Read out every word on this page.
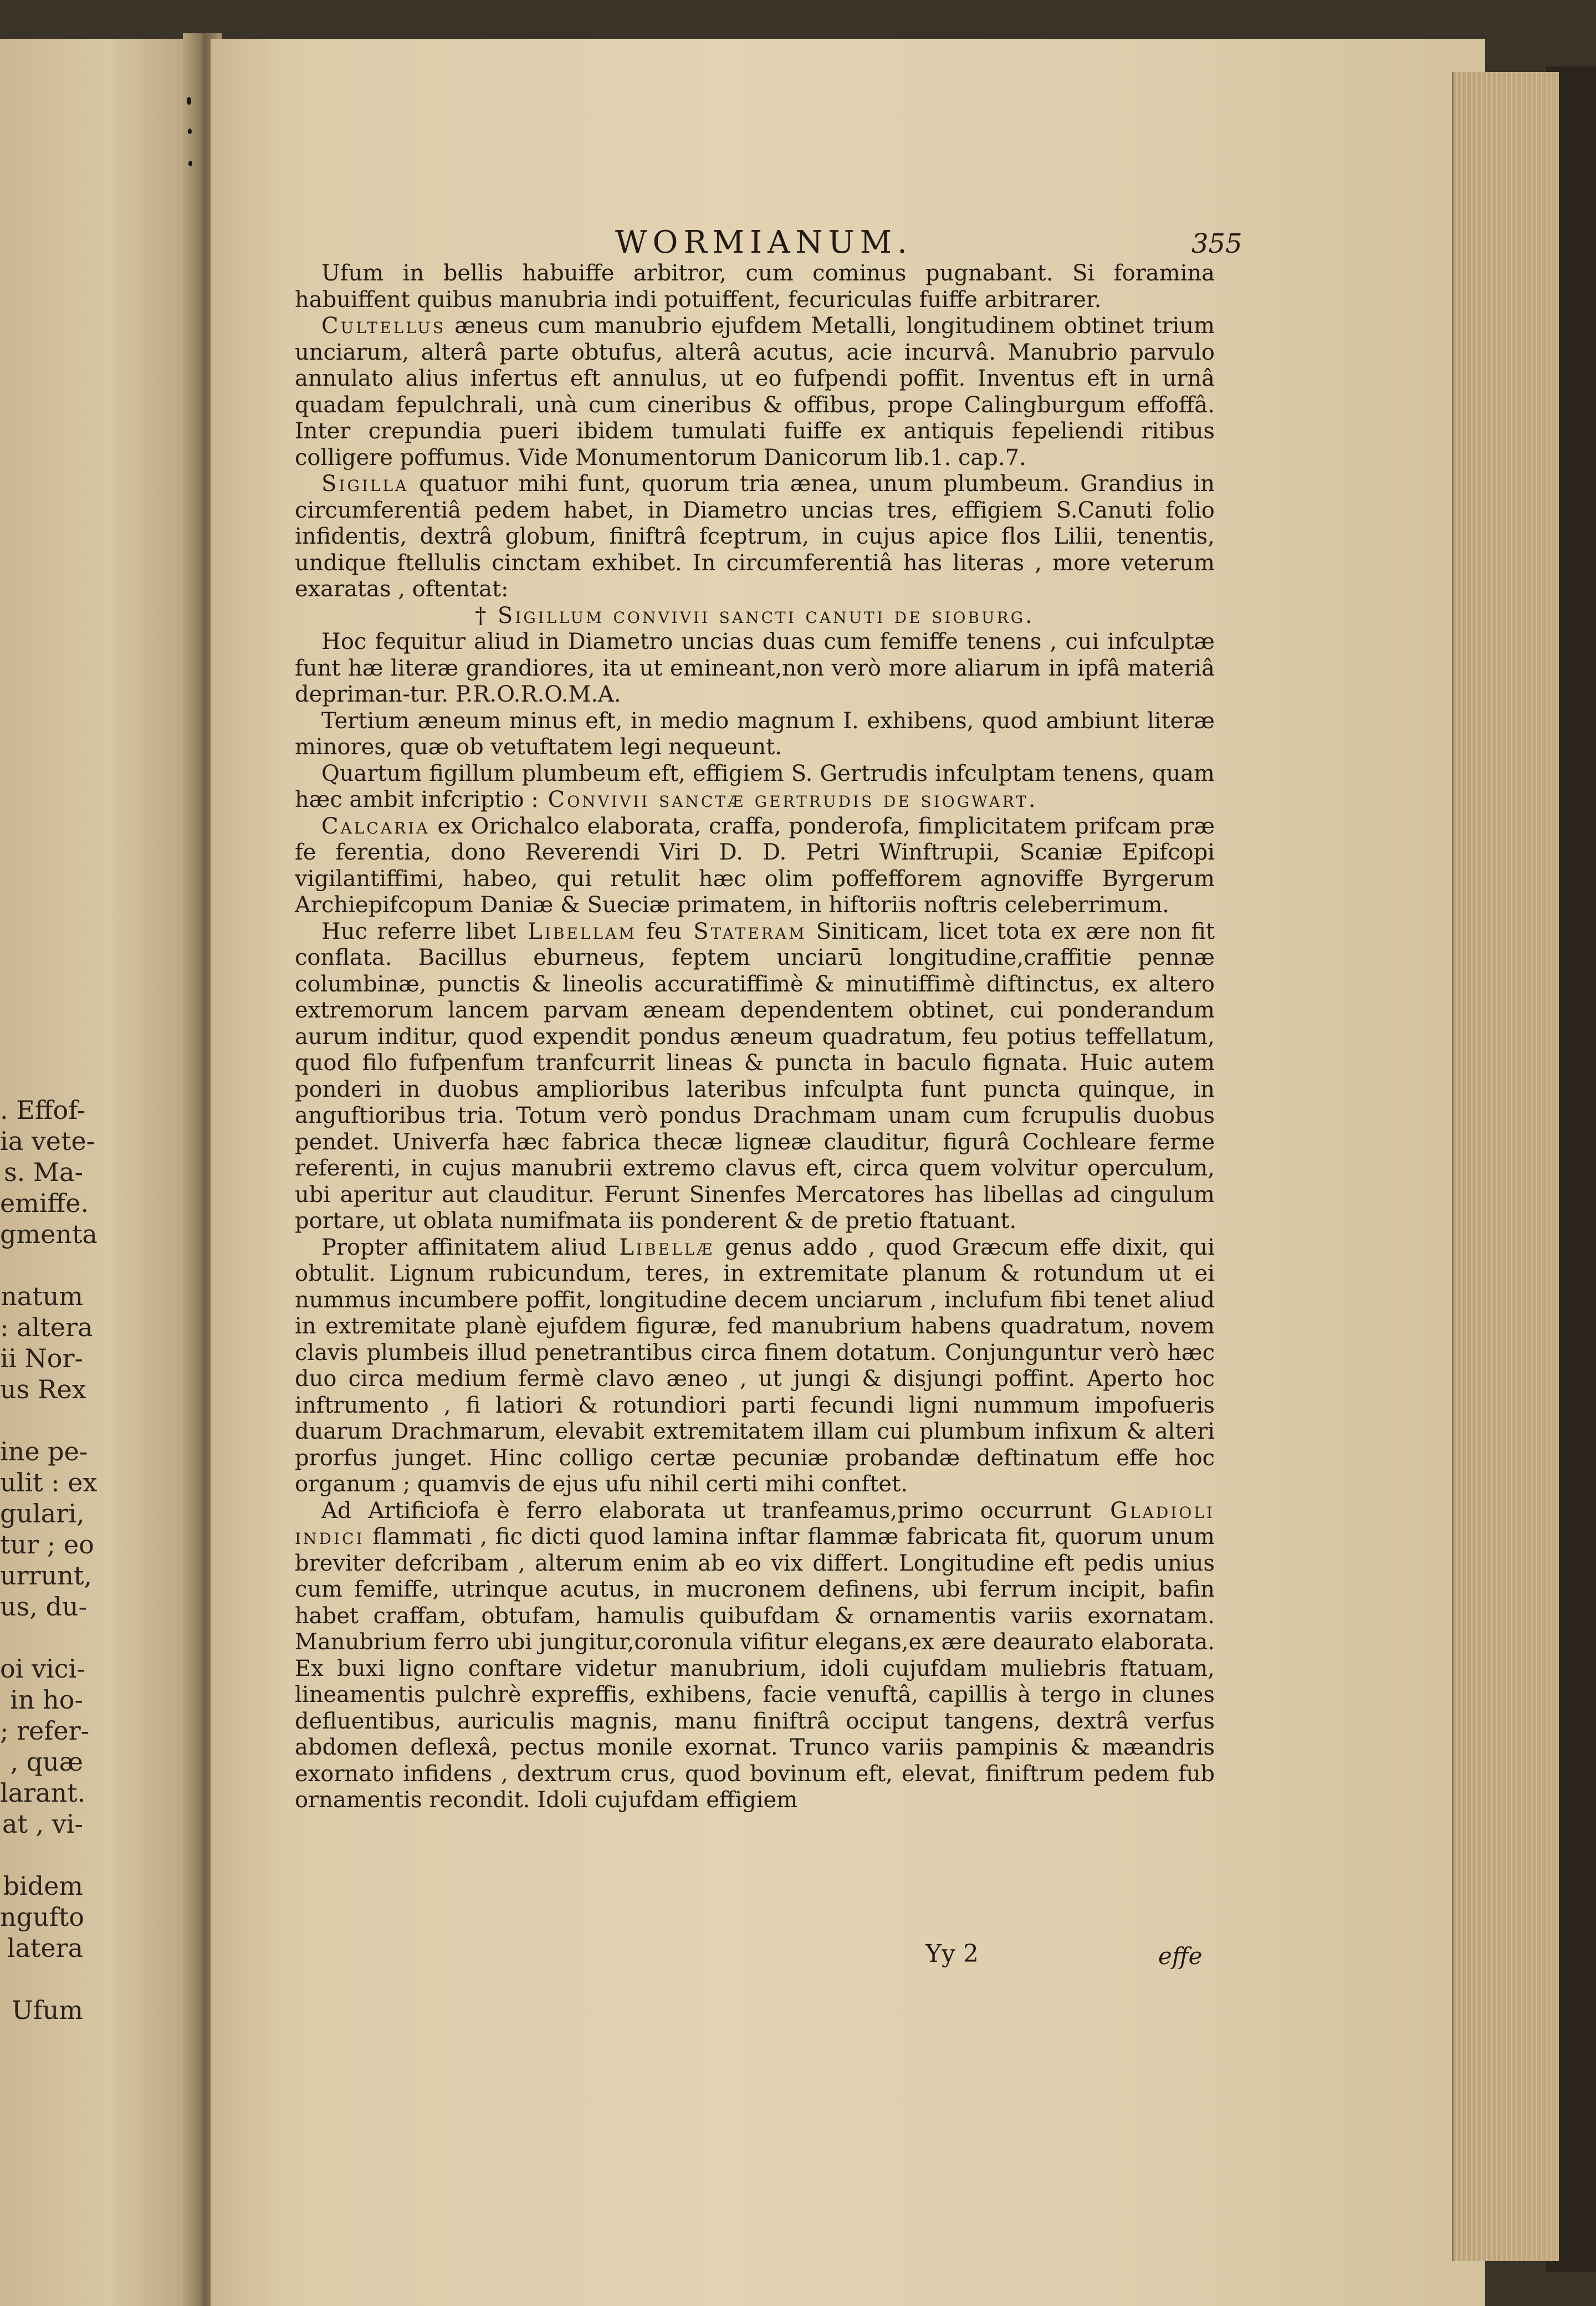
. Effof-
ia vete-
s. Ma-
emiffe.
gmenta
natum
: altera
ii Nor-
us Rex
ine pe-
ulit : ex
gulari,
tur ; eo
urrunt,
us, du-
oi vici-
in ho-
; refer-
, quæ
larant.
at , vi-
bidem
ngufto
latera
Ufum
WORMIANUM.	355

Ufum in bellis habuiffe arbitror, cum cominus pugnabant. Si foramina habuiffent quibus manubria indi potuiffent, fecuriculas fuiffe arbitrarer.

Cultellus æneus cum manubrio ejufdem Metalli, longitudinem obtinet trium unciarum, alterâ parte obtufus, alterâ acutus, acie incurvâ. Manubrio parvulo annulato alius infertus eft annulus, ut eo fufpendi poffit. Inventus eft in urnâ quadam fepulchrali, unà cum cineribus & offibus, prope Calingburgum effoffâ. Inter crepundia pueri ibidem tumulati fuiffe ex antiquis fepeliendi ritibus colligere poffumus. Vide Monumentorum Danicorum lib.1. cap.7.

Sigilla quatuor mihi funt, quorum tria ænea, unum plumbeum. Grandius in circumferentiâ pedem habet, in Diametro uncias tres, effigiem S.Canuti folio infidentis, dextrâ globum, finiftrâ fceptrum, in cujus apice flos Lilii, tenentis, undique ftellulis cinctam exhibet. In circumferentiâ has literas , more veterum exaratas , oftentat:

† Sigillum convivii sancti canuti de sioburg.

Hoc fequitur aliud in Diametro uncias duas cum femiffe tenens , cui infculptæ funt hæ literæ grandiores, ita ut emineant,non verò more aliarum in ipfâ materiâ depriman-tur. P.R.O.R.O.M.A.

Tertium æneum minus eft, in medio magnum I. exhibens, quod ambiunt literæ minores, quæ ob vetuftatem legi nequeunt.

Quartum figillum plumbeum eft, effigiem S. Gertrudis infculptam tenens, quam hæc ambit infcriptio : Convivii sanctæ gertrudis de siogwart.

Calcaria ex Orichalco elaborata, craffa, ponderofa, fimplicitatem prifcam præ fe ferentia, dono Reverendi Viri D. D. Petri Winftrupii, Scaniæ Epifcopi vigilantiffimi, habeo, qui retulit hæc olim poffefforem agnoviffe Byrgerum Archiepifcopum Daniæ & Sueciæ primatem, in hiftoriis noftris celeberrimum.

Huc referre libet Libellam feu Stateram Siniticam, licet tota ex ære non fit conflata. Bacillus eburneus, feptem unciarū longitudine,craffitie pennæ columbinæ, punctis & lineolis accuratiffimè & minutiffimè diftinctus, ex altero extremorum lancem parvam æneam dependentem obtinet, cui ponderandum aurum inditur, quod expendit pondus æneum quadratum, feu potius teffellatum, quod filo fufpenfum tranfcurrit lineas & puncta in baculo fignata. Huic autem ponderi in duobus amplioribus lateribus infculpta funt puncta quinque, in anguftioribus tria. Totum verò pondus Drachmam unam cum fcrupulis duobus pendet. Univerfa hæc fabrica thecæ ligneæ clauditur, figurâ Cochleare ferme referenti, in cujus manubrii extremo clavus eft, circa quem volvitur operculum, ubi aperitur aut clauditur. Ferunt Sinenfes Mercatores has libellas ad cingulum portare, ut oblata numifmata iis ponderent & de pretio ftatuant.

Propter affinitatem aliud Libellæ genus addo , quod Græcum effe dixit, qui obtulit. Lignum rubicundum, teres, in extremitate planum & rotundum ut ei nummus incumbere poffit, longitudine decem unciarum , inclufum fibi tenet aliud in extremitate planè ejufdem figuræ, fed manubrium habens quadratum, novem clavis plumbeis illud penetrantibus circa finem dotatum. Conjunguntur verò hæc duo circa medium fermè clavo æneo , ut jungi & disjungi poffint. Aperto hoc inftrumento , fi latiori & rotundiori parti fecundi ligni nummum impofueris duarum Drachmarum, elevabit extremitatem illam cui plumbum infixum & alteri prorfus junget. Hinc colligo certæ pecuniæ probandæ deftinatum effe hoc organum ; quamvis de ejus ufu nihil certi mihi conftet.

Ad Artificiofa è ferro elaborata ut tranfeamus,primo occurrunt Gladioli indici flammati , fic dicti quod lamina inftar flammæ fabricata fit, quorum unum breviter defcribam , alterum enim ab eo vix differt. Longitudine eft pedis unius cum femiffe, utrinque acutus, in mucronem definens, ubi ferrum incipit, bafin habet craffam, obtufam, hamulis quibufdam & ornamentis variis exornatam. Manubrium ferro ubi jungitur,coronula vifitur elegans,ex ære deaurato elaborata. Ex buxi ligno conftare videtur manubrium, idoli cujufdam muliebris ftatuam, lineamentis pulchrè expreffis, exhibens, facie venuftâ, capillis à tergo in clunes defluentibus, auriculis magnis, manu finiftrâ occiput tangens, dextrâ verfus abdomen deflexâ, pectus monile exornat. Trunco variis pampinis & mæandris exornato infidens , dextrum crus, quod bovinum eft, elevat, finiftrum pedem fub ornamentis recondit. Idoli cujufdam effigiem

Yy 2	effe
